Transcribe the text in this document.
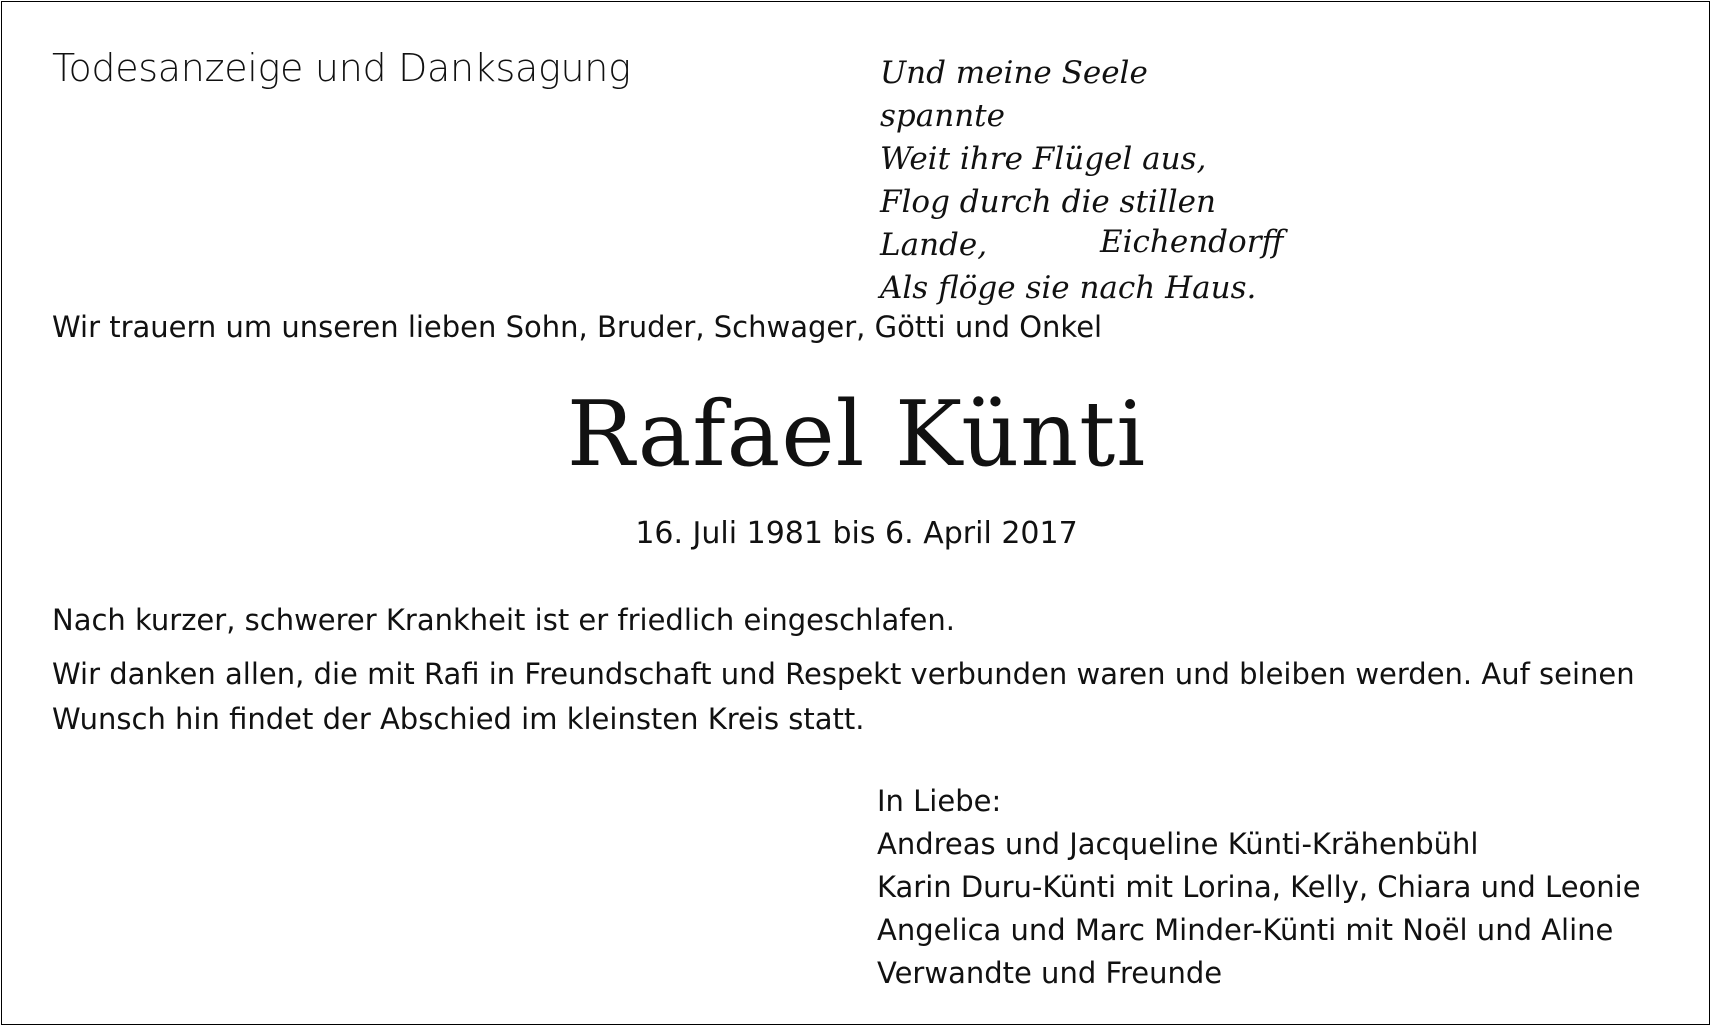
Todesanzeige und Danksagung	Und meine Seele spannte
Weit ihre Flügel aus,
Flog durch die stillen Lande,
Als flöge sie nach Haus.
Eichendorff
Wir trauern um unseren lieben Sohn, Bruder, Schwager, Götti und Onkel
Rafael Künti
16. Juli 1981 bis 6. April 2017
Nach kurzer, schwerer Krankheit ist er friedlich eingeschlafen.
Wir danken allen, die mit Rafi in Freundschaft und Respekt verbunden waren und bleiben werden. Auf seinen Wunsch hin findet der Abschied im kleinsten Kreis statt.
In Liebe:
Andreas und Jacqueline Künti-Krähenbühl
Karin Duru-Künti mit Lorina, Kelly, Chiara und Leonie
Angelica und Marc Minder-Künti mit Noël und Aline
Verwandte und Freunde
